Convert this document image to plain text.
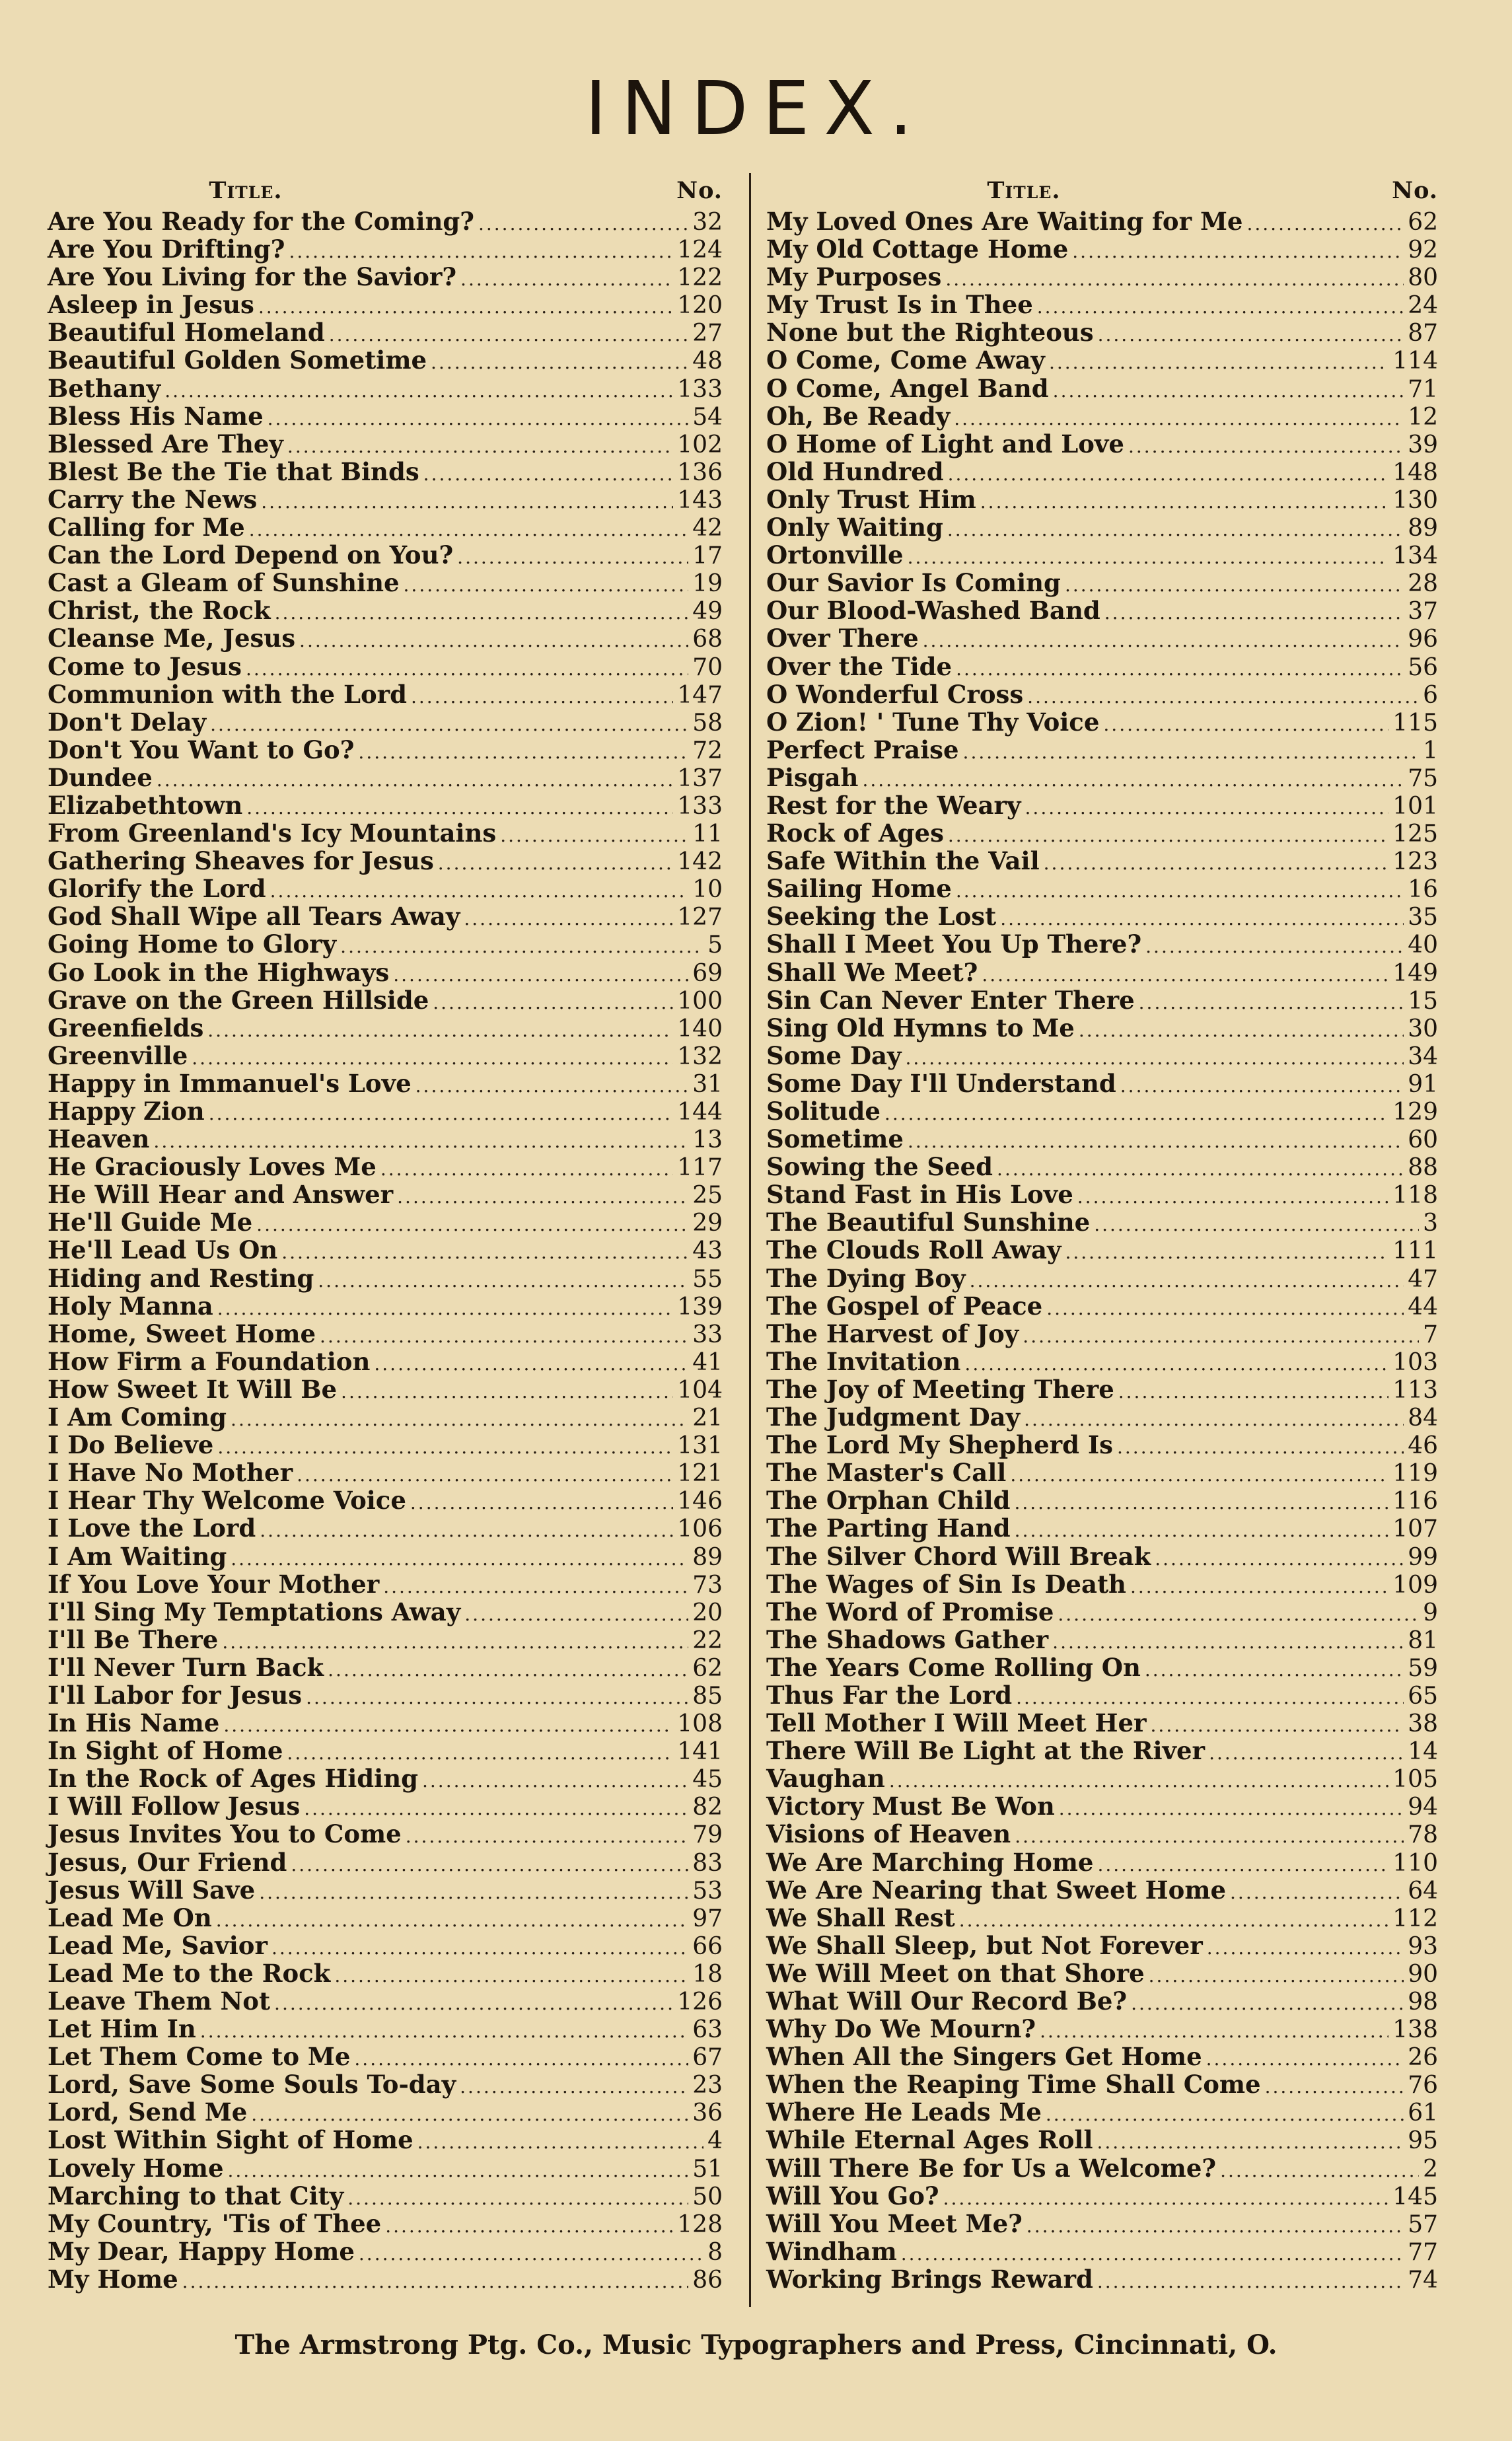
INDEX.
Title.	No.
Are You Ready for the Coming? .....	32
Are You Drifting? .....	124
Are You Living for the Savior? .....	122
Asleep in Jesus .....	120
Beautiful Homeland .....	27
Beautiful Golden Sometime .....	48
Bethany .....	133
Bless His Name .....	54
Blessed Are They .....	102
Blest Be the Tie that Binds .....	136
Carry the News .....	143
Calling for Me .....	42
Can the Lord Depend on You? .....	17
Cast a Gleam of Sunshine .....	19
Christ, the Rock .....	49
Cleanse Me, Jesus .....	68
Come to Jesus .....	70
Communion with the Lord .....	147
Don't Delay .....	58
Don't You Want to Go? .....	72
Dundee .....	137
Elizabethtown .....	133
From Greenland's Icy Mountains .....	11
Gathering Sheaves for Jesus .....	142
Glorify the Lord .....	10
God Shall Wipe all Tears Away .....	127
Going Home to Glory .....	5
Go Look in the Highways .....	69
Grave on the Green Hillside .....	100
Greenfields .....	140
Greenville .....	132
Happy in Immanuel's Love .....	31
Happy Zion .....	144
Heaven .....	13
He Graciously Loves Me .....	117
He Will Hear and Answer .....	25
He'll Guide Me .....	29
He'll Lead Us On .....	43
Hiding and Resting .....	55
Holy Manna .....	139
Home, Sweet Home .....	33
How Firm a Foundation .....	41
How Sweet It Will Be .....	104
I Am Coming .....	21
I Do Believe .....	131
I Have No Mother .....	121
I Hear Thy Welcome Voice .....	146
I Love the Lord .....	106
I Am Waiting .....	89
If You Love Your Mother .....	73
I'll Sing My Temptations Away .....	20
I'll Be There .....	22
I'll Never Turn Back .....	62
I'll Labor for Jesus .....	85
In His Name .....	108
In Sight of Home .....	141
In the Rock of Ages Hiding .....	45
I Will Follow Jesus .....	82
Jesus Invites You to Come .....	79
Jesus, Our Friend .....	83
Jesus Will Save .....	53
Lead Me On .....	97
Lead Me, Savior .....	66
Lead Me to the Rock .....	18
Leave Them Not .....	126
Let Him In .....	63
Let Them Come to Me .....	67
Lord, Save Some Souls To-day .....	23
Lord, Send Me .....	36
Lost Within Sight of Home .....	4
Lovely Home .....	51
Marching to that City .....	50
My Country, 'Tis of Thee .....	128
My Dear, Happy Home .....	8
My Home .....	86
Title.	No.
My Loved Ones Are Waiting for Me .....	62
My Old Cottage Home .....	92
My Purposes .....	80
My Trust Is in Thee .....	24
None but the Righteous .....	87
O Come, Come Away .....	114
O Come, Angel Band .....	71
Oh, Be Ready .....	12
O Home of Light and Love .....	39
Old Hundred .....	148
Only Trust Him .....	130
Only Waiting .....	89
Ortonville .....	134
Our Savior Is Coming .....	28
Our Blood-Washed Band .....	37
Over There .....	96
Over the Tide .....	56
O Wonderful Cross .....	6
O Zion! ' Tune Thy Voice .....	115
Perfect Praise .....	1
Pisgah .....	75
Rest for the Weary .....	101
Rock of Ages .....	125
Safe Within the Vail .....	123
Sailing Home .....	16
Seeking the Lost .....	35
Shall I Meet You Up There? .....	40
Shall We Meet? .....	149
Sin Can Never Enter There .....	15
Sing Old Hymns to Me .....	30
Some Day .....	34
Some Day I'll Understand .....	91
Solitude .....	129
Sometime .....	60
Sowing the Seed .....	88
Stand Fast in His Love .....	118
The Beautiful Sunshine .....	3
The Clouds Roll Away .....	111
The Dying Boy .....	47
The Gospel of Peace .....	44
The Harvest of Joy .....	7
The Invitation .....	103
The Joy of Meeting There .....	113
The Judgment Day .....	84
The Lord My Shepherd Is .....	46
The Master's Call .....	119
The Orphan Child .....	116
The Parting Hand .....	107
The Silver Chord Will Break .....	99
The Wages of Sin Is Death .....	109
The Word of Promise .....	9
The Shadows Gather .....	81
The Years Come Rolling On .....	59
Thus Far the Lord .....	65
Tell Mother I Will Meet Her .....	38
There Will Be Light at the River .....	14
Vaughan .....	105
Victory Must Be Won .....	94
Visions of Heaven .....	78
We Are Marching Home .....	110
We Are Nearing that Sweet Home .....	64
We Shall Rest .....	112
We Shall Sleep, but Not Forever .....	93
We Will Meet on that Shore .....	90
What Will Our Record Be? .....	98
Why Do We Mourn? .....	138
When All the Singers Get Home .....	26
When the Reaping Time Shall Come .....	76
Where He Leads Me .....	61
While Eternal Ages Roll .....	95
Will There Be for Us a Welcome? .....	2
Will You Go? .....	145
Will You Meet Me? .....	57
Windham .....	77
Working Brings Reward .....	74
The Armstrong Ptg. Co., Music Typographers and Press, Cincinnati, O.
